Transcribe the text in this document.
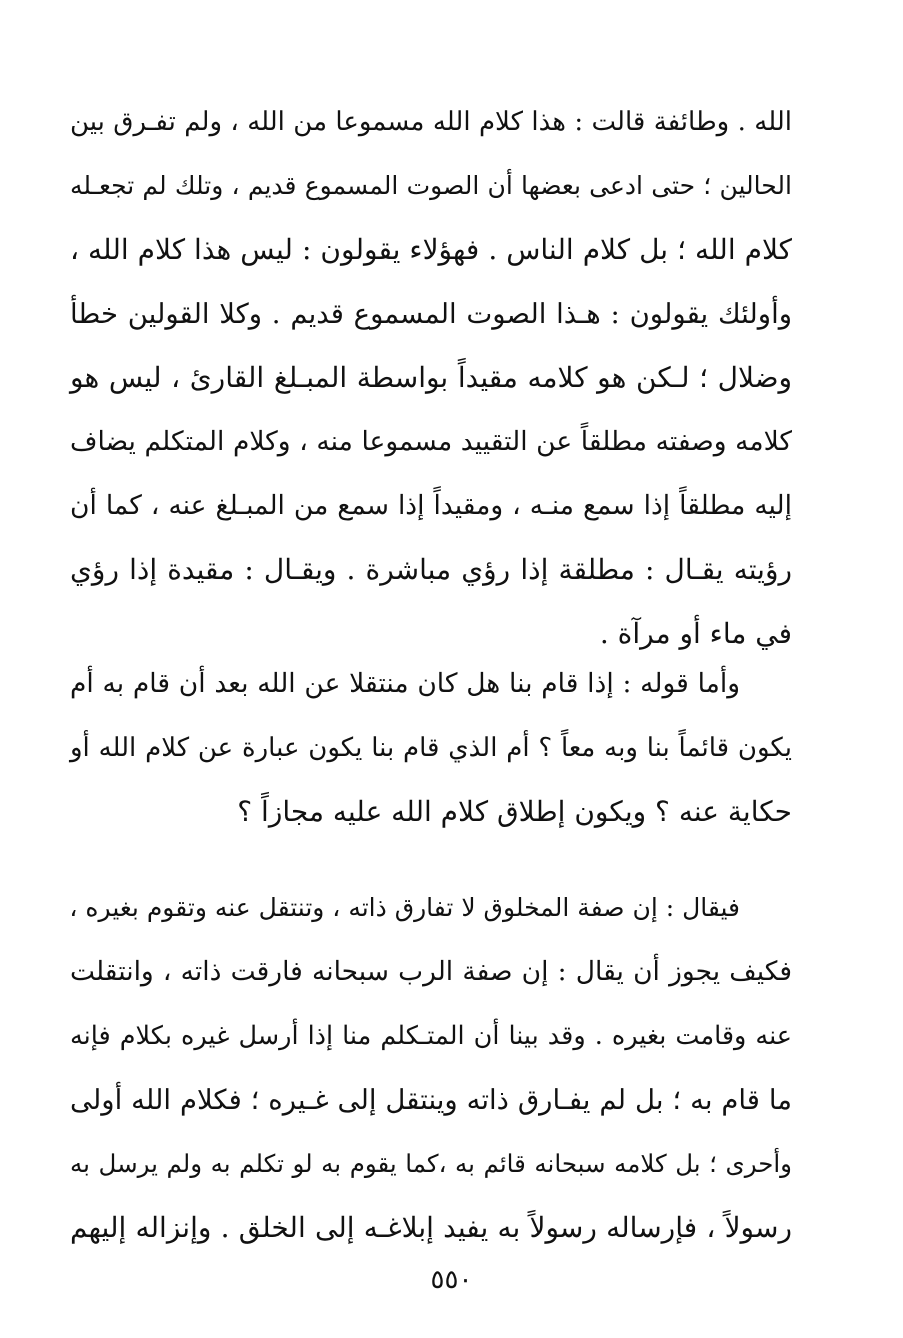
الله . وطائفة قالت : هذا كلام الله مسموعا من الله ، ولم تفـرق بين
الحالين ؛ حتى ادعى بعضها أن الصوت المسموع قديم ، وتلك لم تجعـله
كلام الله ؛ بل كلام الناس . فهؤلاء يقولون : ليس هذا كلام الله ،
وأولئك يقولون : هـذا الصوت المسموع قديم . وكلا القولين خطأ
وضلال ؛ لـكن هو كلامه مقيداً بواسطة المبـلغ القارئ ، ليس هو
كلامه وصفته مطلقاً عن التقييد مسموعا منه ، وكلام المتكلم يضاف
إليه مطلقاً إذا سمع منـه ، ومقيداً إذا سمع من المبـلغ عنه ، كما أن
رؤيته يقـال : مطلقة إذا رؤي مباشرة . ويقـال : مقيدة إذا رؤي
في ماء أو مرآة .
وأما قوله : إذا قام بنا هل كان منتقلا عن الله بعد أن قام به أم
يكون قائماً بنا وبه معاً ؟ أم الذي قام بنا يكون عبارة عن كلام الله أو
حكاية عنه ؟ ويكون إطلاق كلام الله عليه مجازاً ؟
فيقال : إن صفة المخلوق لا تفارق ذاته ، وتنتقل عنه وتقوم بغيره ،
فكيف يجوز أن يقال : إن صفة الرب سبحانه فارقت ذاته ، وانتقلت
عنه وقامت بغيره . وقد بينا أن المتـكلم منا إذا أرسل غيره بكلام فإنه
ما قام به ؛ بل لم يفـارق ذاته وينتقل إلى غـيره ؛ فكلام الله أولى
وأحرى ؛ بل كلامه سبحانه قائم به ،كما يقوم به لو تكلم به ولم يرسل به
رسولاً ، فإرساله رسولاً به يفيد إبلاغـه إلى الخلق . وإنزاله إليهم
٥٥٠
